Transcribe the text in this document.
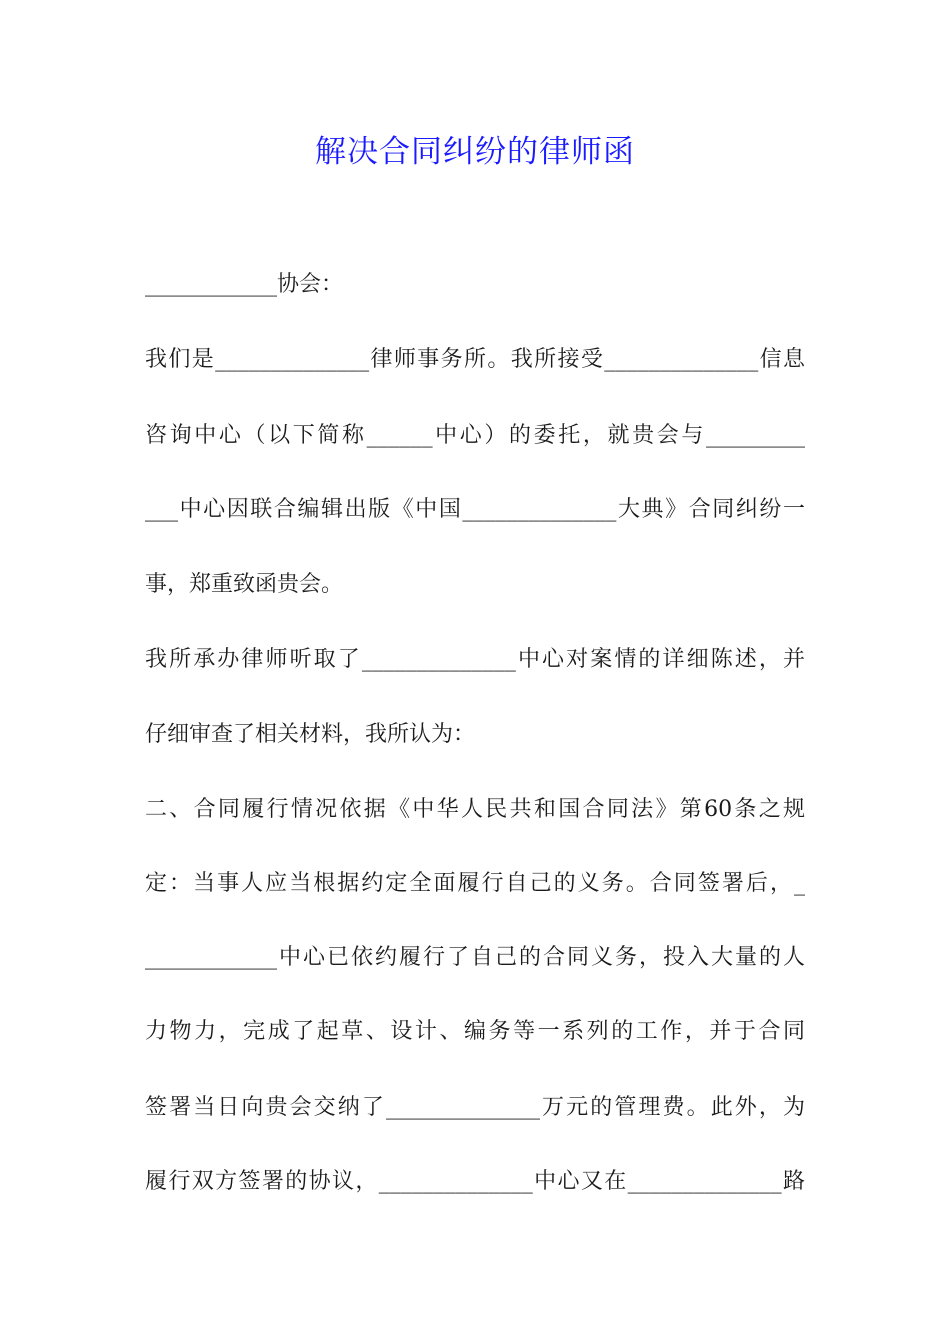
解决合同纠纷的律师函
____________协会：
我们是______________律师事务所。我所接受______________信息
咨询中心（以下简称______中心）的委托，就贵会与_________
___中心因联合编辑出版《中国______________大典》合同纠纷一
事，郑重致函贵会。
我所承办律师听取了______________中心对案情的详细陈述，并
仔细审查了相关材料，我所认为：
二、合同履行情况依据《中华人民共和国合同法》第60条之规
定：当事人应当根据约定全面履行自己的义务。合同签署后，_
____________中心已依约履行了自己的合同义务，投入大量的人
力物力，完成了起草、设计、编务等一系列的工作，并于合同
签署当日向贵会交纳了______________万元的管理费。此外，为
履行双方签署的协议，______________中心又在______________路
